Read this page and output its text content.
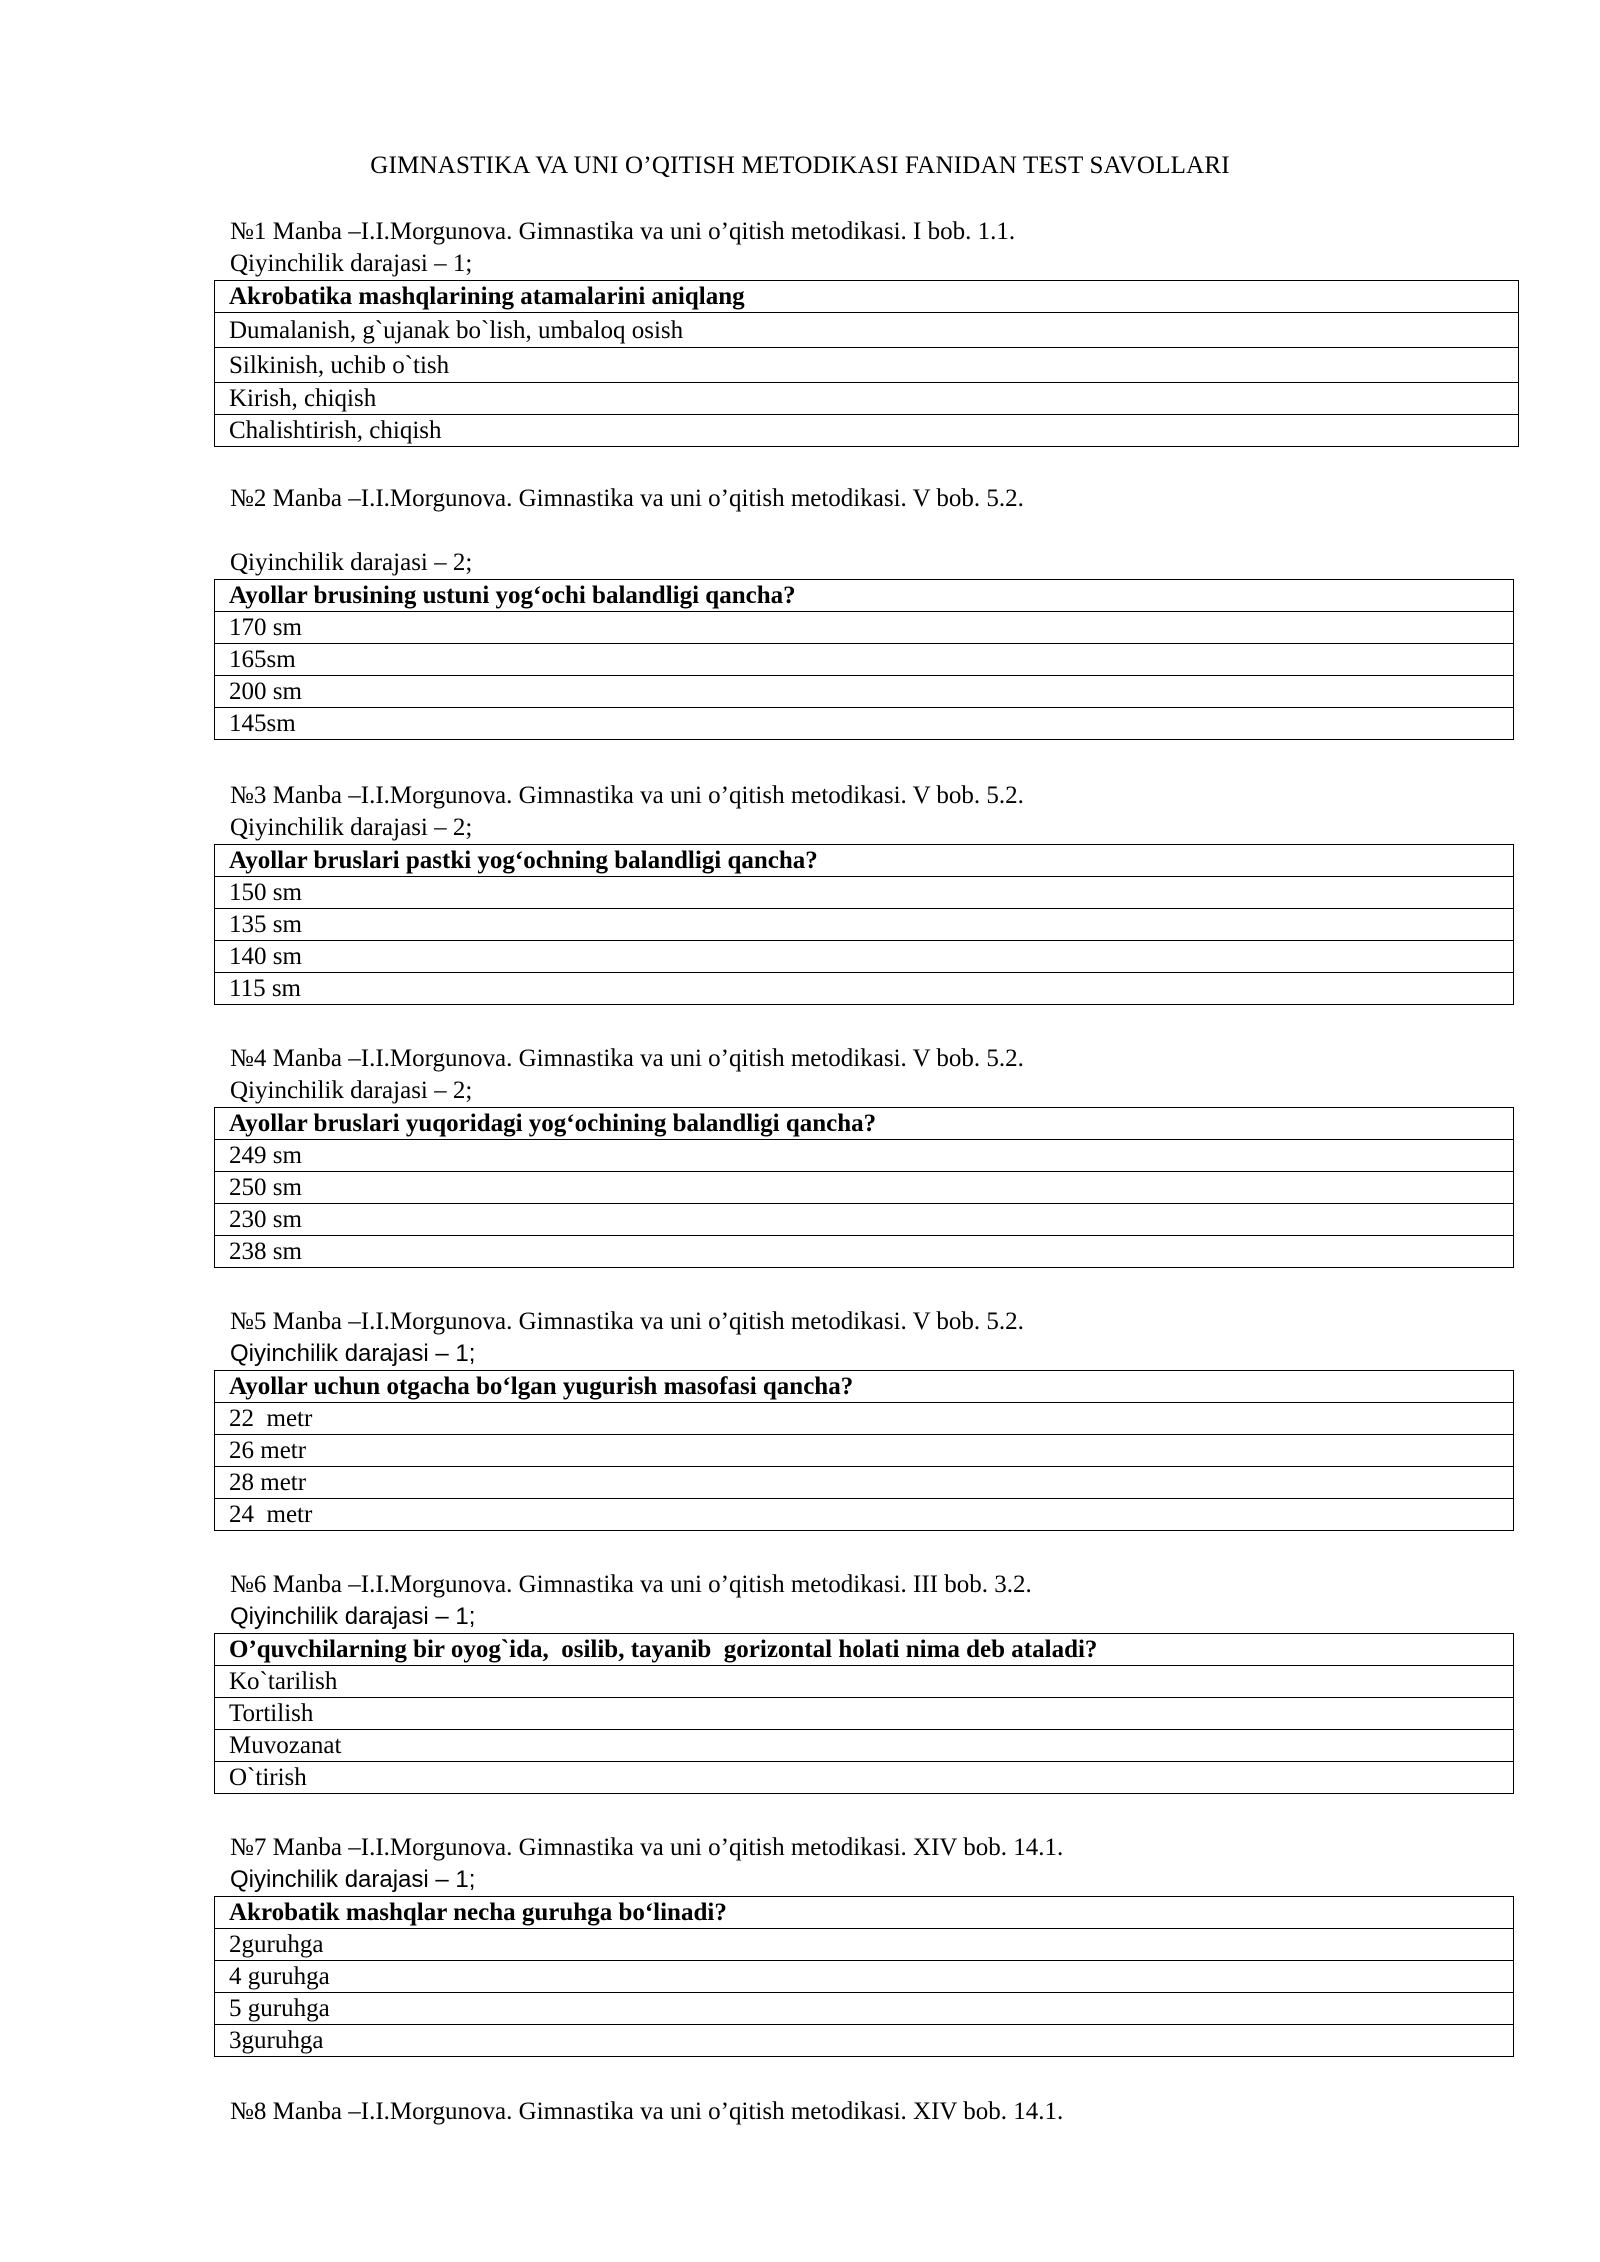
GIMNASTIKA VA UNI O’QITISH METODIKASI FANIDAN TEST SAVOLLARI
№1 Manba –I.I.Morgunova. Gimnastika va uni o’qitish metodikasi. I bob. 1.1.
Qiyinchilik darajasi – 1;
Akrobatika mashqlarining atamalarini aniqlang
Dumalanish, g`ujanak bo`lish, umbaloq osish
Silkinish, uchib o`tish
Kirish, chiqish
Chalishtirish, chiqish
№2 Manba –I.I.Morgunova. Gimnastika va uni o’qitish metodikasi. V bob. 5.2.
Qiyinchilik darajasi – 2;
Ayollar brusining ustuni yog‘ochi balandligi qancha?
170 sm
165sm
200 sm
145sm
№3 Manba –I.I.Morgunova. Gimnastika va uni o’qitish metodikasi. V bob. 5.2.
Qiyinchilik darajasi – 2;
Ayollar bruslari pastki yog‘ochning balandligi qancha?
150 sm
135 sm
140 sm
115 sm
№4 Manba –I.I.Morgunova. Gimnastika va uni o’qitish metodikasi. V bob. 5.2.
Qiyinchilik darajasi – 2;
Ayollar bruslari yuqoridagi yog‘ochining balandligi qancha?
249 sm
250 sm
230 sm
238 sm
№5 Manba –I.I.Morgunova. Gimnastika va uni o’qitish metodikasi. V bob. 5.2.
Qiyinchilik darajasi – 1;
Ayollar uchun otgacha bo‘lgan yugurish masofasi qancha?
22  metr
26 metr
28 metr
24  metr
№6 Manba –I.I.Morgunova. Gimnastika va uni o’qitish metodikasi. III bob. 3.2.
Qiyinchilik darajasi – 1;
O’quvchilarning bir oyog`ida,  osilib, tayanib  gorizontal holati nima deb ataladi?
Ko`tarilish
Tortilish
Muvozanat
O`tirish
№7 Manba –I.I.Morgunova. Gimnastika va uni o’qitish metodikasi. XIV bob. 14.1.
Qiyinchilik darajasi – 1;
Akrobatik mashqlar necha guruhga bo‘linadi?
2guruhga
4 guruhga
5 guruhga
3guruhga
№8 Manba –I.I.Morgunova. Gimnastika va uni o’qitish metodikasi. XIV bob. 14.1.
